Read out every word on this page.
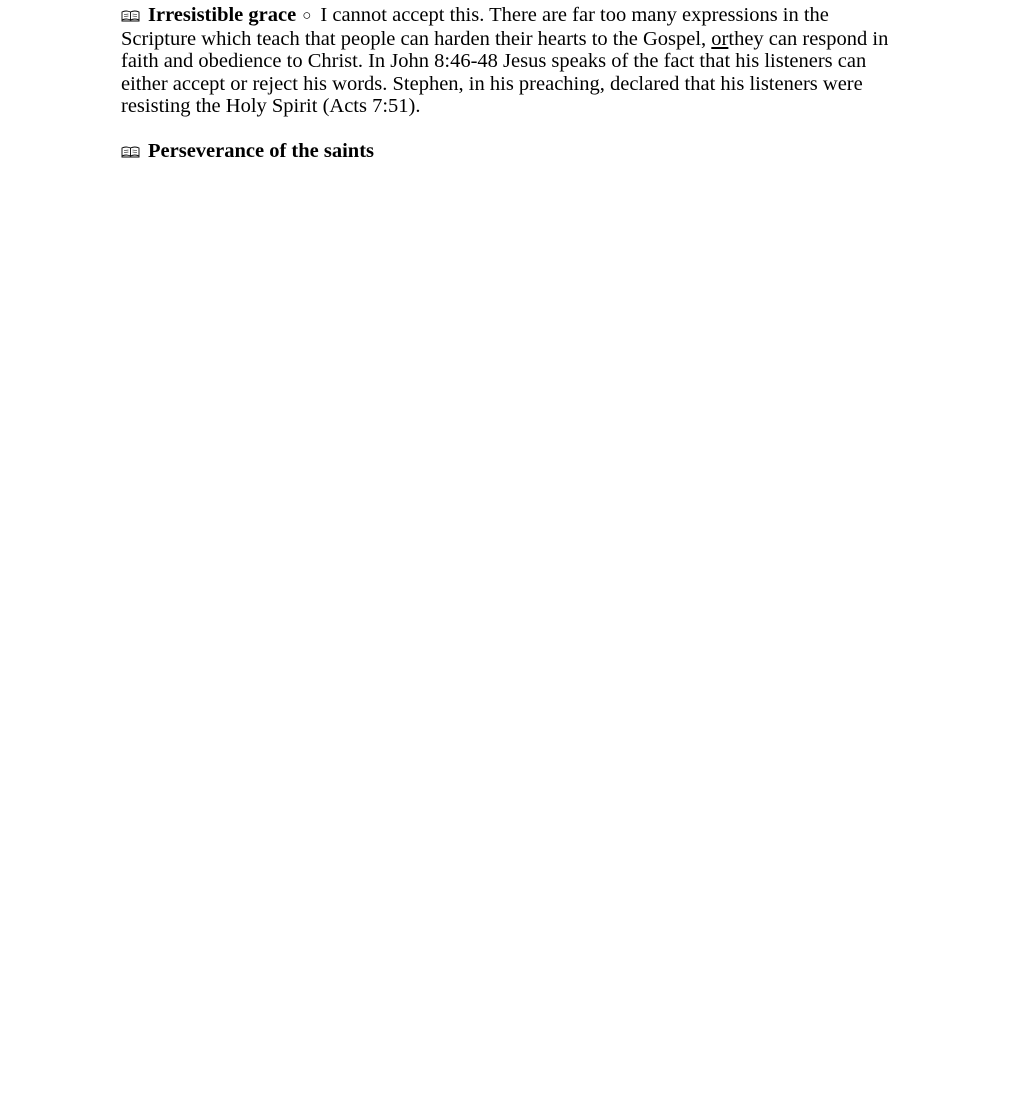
Irresistible grace ○ I cannot accept this. There are far too many expressions in the Scripture which teach that people can harden their hearts to the Gospel, orthey can respond in faith and obedience to Christ. In John 8:46-48 Jesus speaks of the fact that his listeners can either accept or reject his words. Stephen, in his preaching, declared that his listeners were resisting the Holy Spirit (Acts 7:51).

Perseverance of the saints
